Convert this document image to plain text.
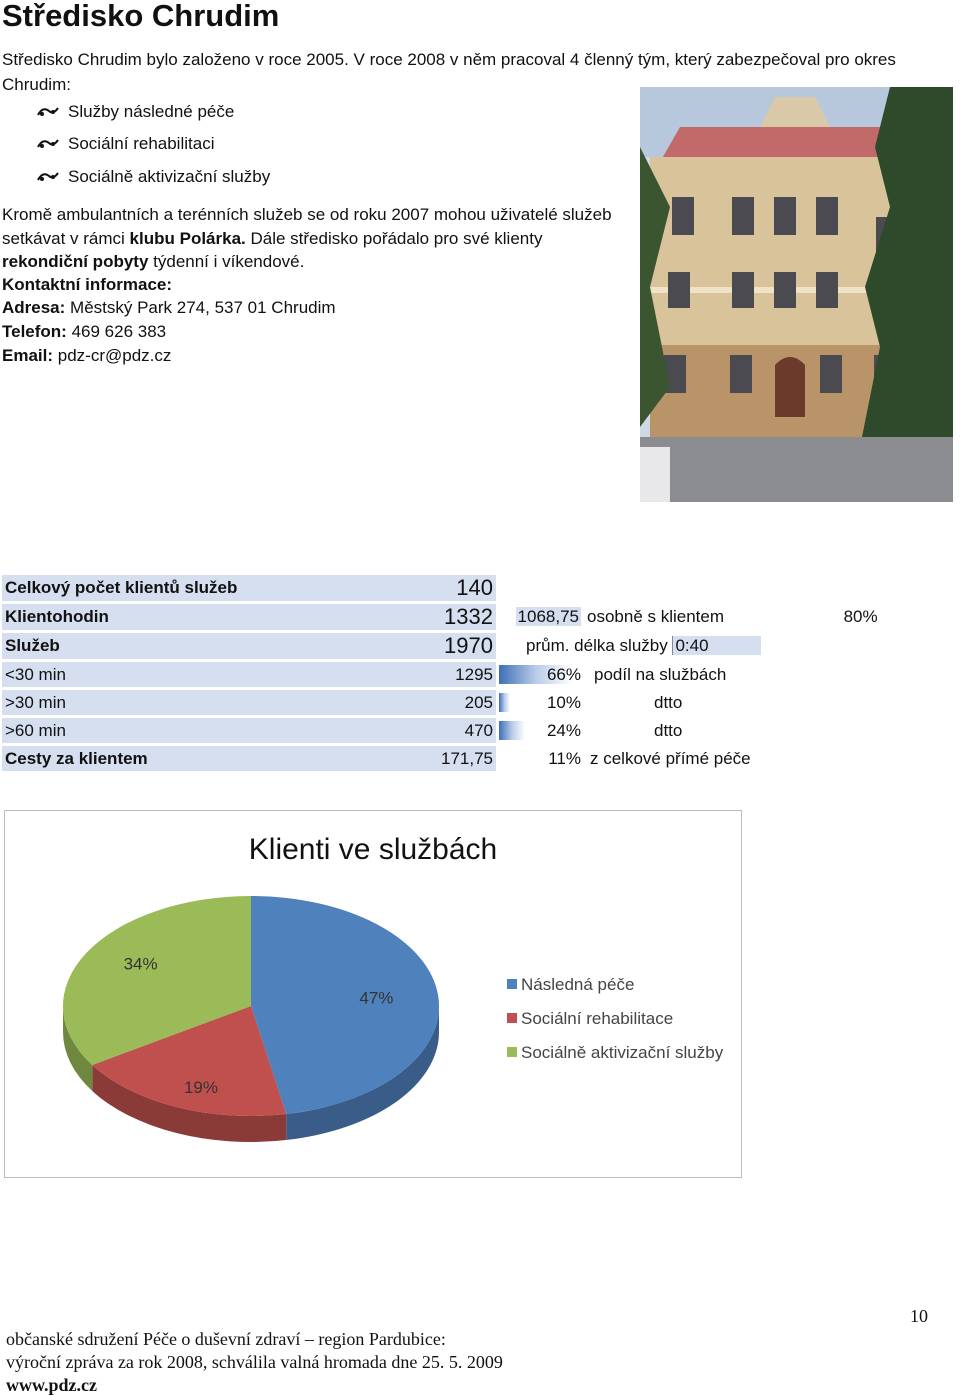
Středisko Chrudim
Středisko Chrudim bylo založeno v roce 2005. V roce 2008 v něm pracoval 4 členný tým, který zabezpečoval pro okres Chrudim:
Služby následné péče
Sociální rehabilitaci
Sociálně aktivizační služby
Kromě ambulantních a terénních služeb se od roku 2007 mohou uživatelé služeb setkávat v rámci klubu Polárka. Dále středisko pořádalo pro své klienty rekondiční pobyty týdenní i víkendové.
Kontaktní informace:
Adresa: Městský Park 274, 537 01 Chrudim
Telefon: 469 626 383
Email: pdz-cr@pdz.cz
Celkový počet klientů služeb	140			
Klientohodin	1332	1068,75	osobně s klientem	80%
Služeb	1970	prům. délka služby 0:40		
<30 min	1295	66%	podíl na službách	
>30 min	205	10%	dtto	
>60 min	470	24%	dtto	
Cesty za klientem	171,75	11%	z celkové přímé péče	
Klienti ve službách
47%
19%
34%
Následná péče
Sociální rehabilitace
Sociálně aktivizační služby
občanské sdružení Péče o duševní zdraví – region Pardubice:
výroční zpráva za rok 2008, schválila valná hromada dne 25. 5. 2009
www.pdz.cz
10
